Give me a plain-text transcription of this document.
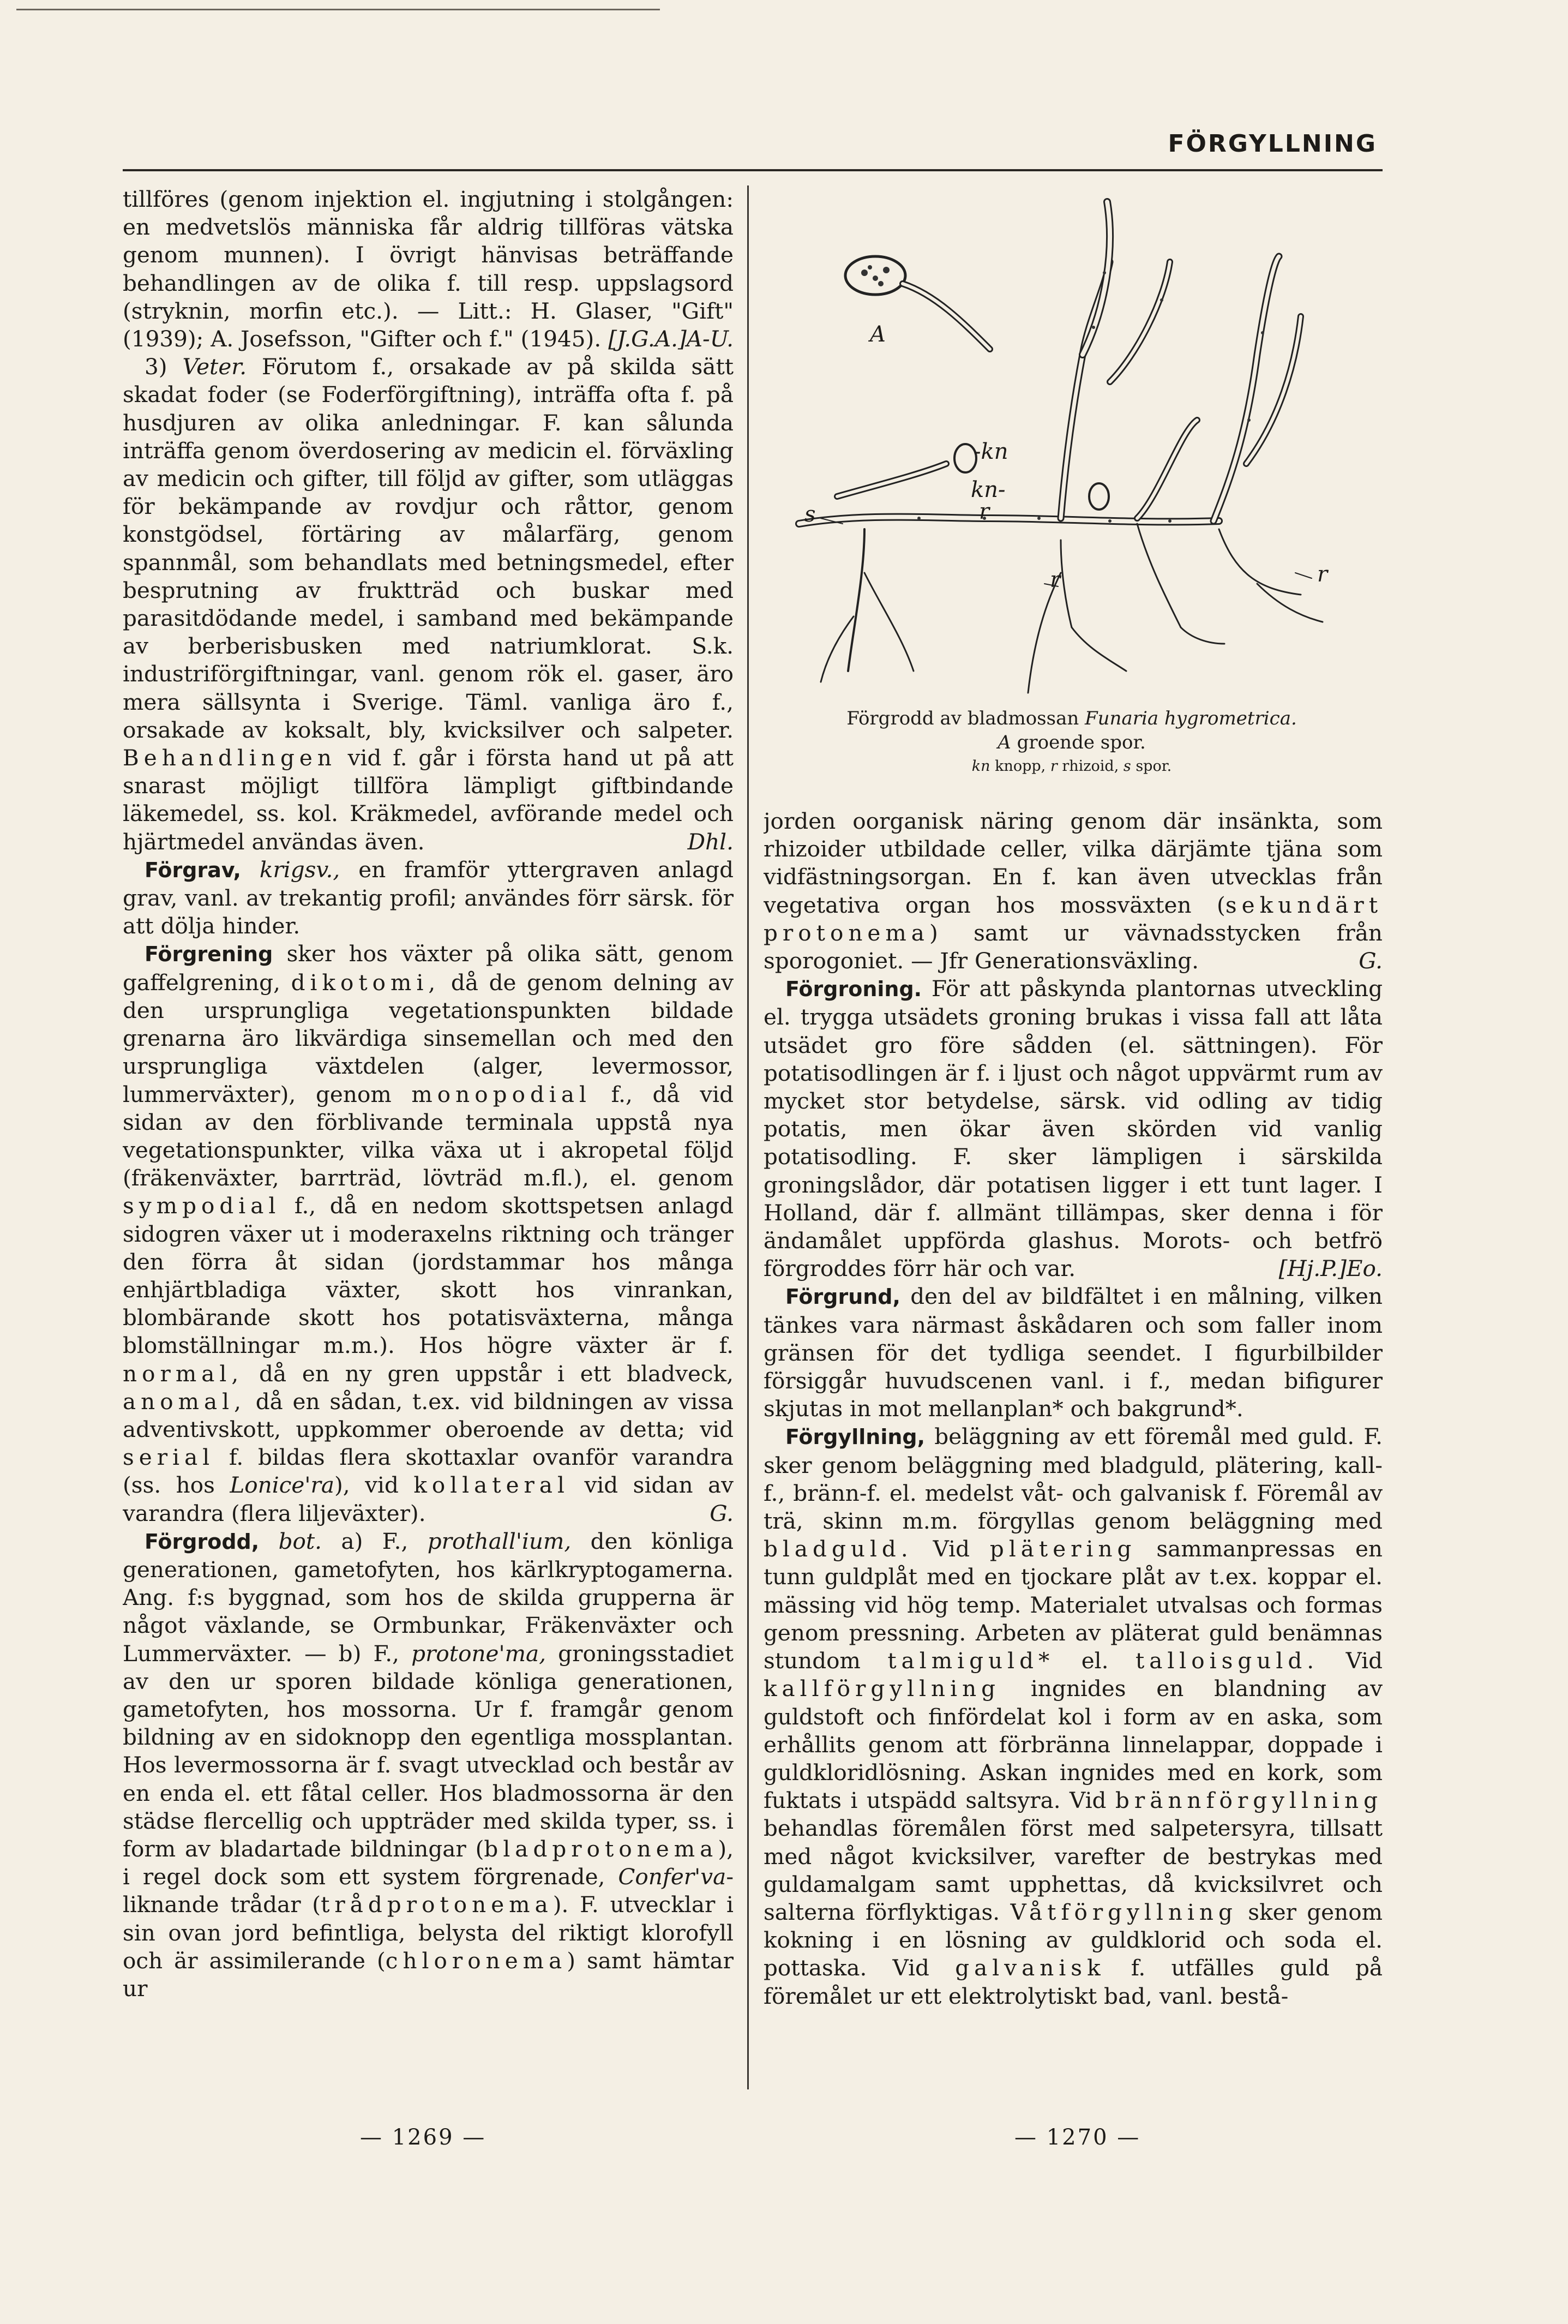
FÖRGYLLNING

tillföres (genom injektion el. ingjutning i stolgången: en medvetslös människa får aldrig tillföras vätska genom munnen). I övrigt hänvisas beträffande behandlingen av de olika f. till resp. uppslagsord (stryknin, morfin etc.). — Litt.: H. Glaser, "Gift" (1939); A. Josefsson, "Gifter och f." (1945). [J.G.A.]A-U.

3) Veter. Förutom f., orsakade av på skilda sätt skadat foder (se Foderförgiftning), inträffa ofta f. på husdjuren av olika anledningar. F. kan sålunda inträffa genom överdosering av medicin el. förväxling av medicin och gifter, till följd av gifter, som utläggas för bekämpande av rovdjur och råttor, genom konstgödsel, förtäring av målarfärg, genom spannmål, som behandlats med betningsmedel, efter besprutning av fruktträd och buskar med parasitdödande medel, i samband med bekämpande av berberisbusken med natriumklorat. S.k. industriförgiftningar, vanl. genom rök el. gaser, äro mera sällsynta i Sverige. Täml. vanliga äro f., orsakade av koksalt, bly, kvicksilver och salpeter. Behandlingen vid f. går i första hand ut på att snarast möjligt tillföra lämpligt giftbindande läkemedel, ss. kol. Kräkmedel, avförande medel och hjärtmedel användas även.	Dhl.

Förgrav, krigsv., en framför yttergraven anlagd grav, vanl. av trekantig profil; användes förr särsk. för att dölja hinder.

Förgrening sker hos växter på olika sätt, genom gaffelgrening, dikotomi, då de genom delning av den ursprungliga vegetationspunkten bildade grenarna äro likvärdiga sinsemellan och med den ursprungliga växtdelen (alger, levermossor, lummerväxter), genom monopodial f., då vid sidan av den förblivande terminala uppstå nya vegetationspunkter, vilka växa ut i akropetal följd (fräkenväxter, barrträd, lövträd m.fl.), el. genom sympodial f., då en nedom skottspetsen anlagd sidogren växer ut i moderaxelns riktning och tränger den förra åt sidan (jordstammar hos många enhjärtbladiga växter, skott hos vinrankan, blombärande skott hos potatisväxterna, många blomställningar m.m.). Hos högre växter är f. normal, då en ny gren uppstår i ett bladveck, anomal, då en sådan, t.ex. vid bildningen av vissa adventivskott, uppkommer oberoende av detta; vid serial f. bildas flera skottaxlar ovanför varandra (ss. hos Lonice'ra), vid kollateral vid sidan av varandra (flera liljeväxter).	G.

Förgrodd, bot. a) F., prothall'ium, den könliga generationen, gametofyten, hos kärlkryptogamerna. Ang. f:s byggnad, som hos de skilda grupperna är något växlande, se Ormbunkar, Fräkenväxter och Lummerväxter. — b) F., protone'ma, groningsstadiet av den ur sporen bildade könliga generationen, gametofyten, hos mossorna. Ur f. framgår genom bildning av en sidoknopp den egentliga mossplantan. Hos levermossorna är f. svagt utvecklad och består av en enda el. ett fåtal celler. Hos bladmossorna är den städse flercellig och uppträder med skilda typer, ss. i form av bladartade bildningar (bladprotonema), i regel dock som ett system förgrenade, Confer'va-liknande trådar (trådprotonema). F. utvecklar i sin ovan jord befintliga, belysta del riktigt klorofyll och är assimilerande (chloronema) samt hämtar ur

A
-kn
kn-
r
s
r	r
Förgrodd av bladmossan Funaria hygrometrica.
A groende spor.
kn knopp, r rhizoid, s spor.

jorden oorganisk näring genom där insänkta, som rhizoider utbildade celler, vilka därjämte tjäna som vidfästningsorgan. En f. kan även utvecklas från vegetativa organ hos mossväxten (sekundärt protonema) samt ur vävnadsstycken från sporogoniet. — Jfr Generationsväxling.	G.

Förgroning. För att påskynda plantornas utveckling el. trygga utsädets groning brukas i vissa fall att låta utsädet gro före sådden (el. sättningen). För potatisodlingen är f. i ljust och något uppvärmt rum av mycket stor betydelse, särsk. vid odling av tidig potatis, men ökar även skörden vid vanlig potatisodling. F. sker lämpligen i särskilda groningslådor, där potatisen ligger i ett tunt lager. I Holland, där f. allmänt tillämpas, sker denna i för ändamålet uppförda glashus. Morots- och betfrö förgroddes förr här och var.	[Hj.P.]Eo.

Förgrund, den del av bildfältet i en målning, vilken tänkes vara närmast åskådaren och som faller inom gränsen för det tydliga seendet. I figurbilbilder försiggår huvudscenen vanl. i f., medan bifigurer skjutas in mot mellanplan* och bakgrund*.

Förgyllning, beläggning av ett föremål med guld. F. sker genom beläggning med bladguld, plätering, kall-f., bränn-f. el. medelst våt- och galvanisk f. Föremål av trä, skinn m.m. förgyllas genom beläggning med bladguld. Vid plätering sammanpressas en tunn guldplåt med en tjockare plåt av t.ex. koppar el. mässing vid hög temp. Materialet utvalsas och formas genom pressning. Arbeten av pläterat guld benämnas stundom talmiguld* el. talloisguld. Vid kallförgyllning ingnides en blandning av guldstoft och finfördelat kol i form av en aska, som erhållits genom att förbränna linnelappar, doppade i guldkloridlösning. Askan ingnides med en kork, som fuktats i utspädd saltsyra. Vid brännförgyllning behandlas föremålen först med salpetersyra, tillsatt med något kvicksilver, varefter de bestrykas med guldamalgam samt upphettas, då kvicksilvret och salterna förflyktigas. Våtförgyllning sker genom kokning i en lösning av guldklorid och soda el. pottaska. Vid galvanisk f. utfälles guld på föremålet ur ett elektrolytiskt bad, vanl. bestå-

— 1269 —	— 1270 —
